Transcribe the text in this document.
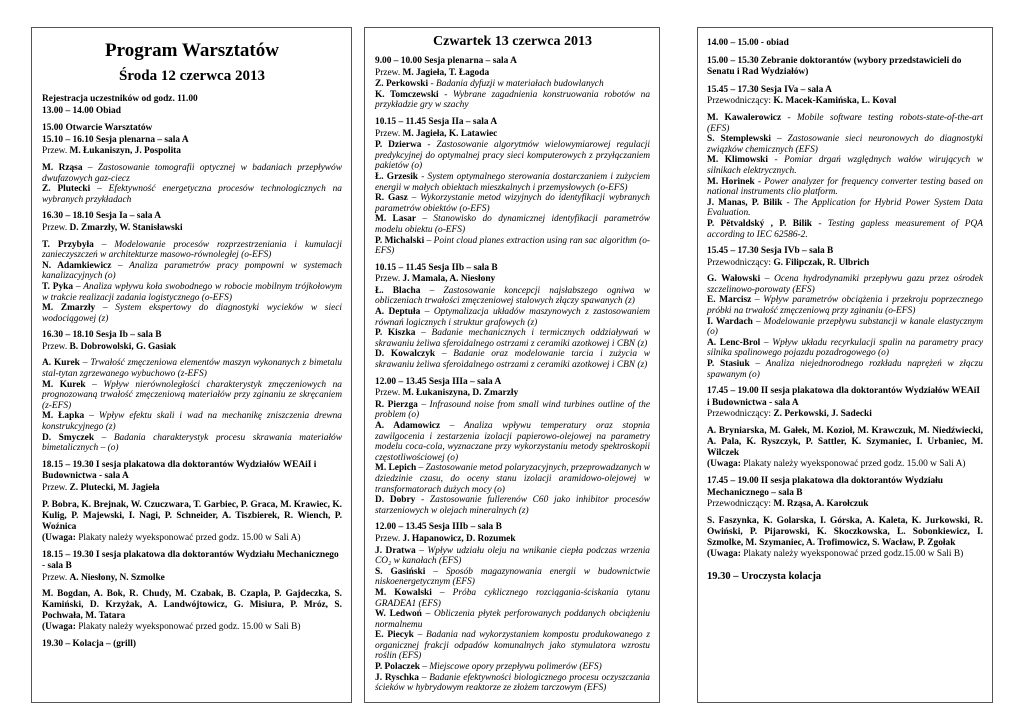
Program Warsztatów
Środa 12 czerwca 2013
Rejestracja uczestników od godz. 11.00
13.00 – 14.00 Obiad
15.00 Otwarcie Warsztatów
15.10 – 16.10 Sesja plenarna – sala A
Przew. M. Łukaniszyn, J. Pospolita
M. Rząsa – Zastosowanie tomografii optycznej w badaniach przepływów dwufazowych gaz-ciecz
Z. Plutecki – Efektywność energetyczna procesów technologicznych na wybranych przykładach
16.30 – 18.10 Sesja Ia – sala A
Przew. D. Zmarzły, W. Stanisławski
T. Przybyła – Modelowanie procesów rozprzestrzeniania i kumulacji zanieczyszczeń w architekturze masowo-równoległej (o-EFS)
N. Adamkiewicz – Analiza parametrów pracy pompowni w systemach kanalizacyjnych (o)
T. Pyka – Analiza wpływu koła swobodnego w robocie mobilnym trójkołowym w trakcie realizacji zadania logistycznego (o-EFS)
M. Zmarzły – System ekspertowy do diagnostyki wycieków w sieci wodociągowej (z)
16.30 – 18.10 Sesja Ib – sala B
Przew. B. Dobrowolski, G. Gasiak
A. Kurek – Trwałość zmęczeniowa elementów maszyn wykonanych z bimetalu stal-tytan zgrzewanego wybuchowo (z-EFS)
M. Kurek – Wpływ nierównoległości charakterystyk zmęczeniowych na prognozowaną trwałość zmęczeniową materiałów przy zginaniu ze skręcaniem (z-EFS)
M. Łapka – Wpływ efektu skali i wad na mechanikę zniszczenia drewna konstrukcyjnego (z)
D. Smyczek – Badania charakterystyk procesu skrawania materiałów bimetalicznych – (o)
18.15 – 19.30 I sesja plakatowa dla doktorantów Wydziałów WEAiI i Budownictwa - sala A
Przew. Z. Plutecki, M. Jagieła
P. Bobra, K. Brejnak, W. Czuczwara, T. Garbiec, P. Graca, M. Krawiec, K. Kulig, P. Majewski, I. Nagi, P. Schneider, A. Tiszbierek, R. Wiench, P. Woźnica
(Uwaga: Plakaty należy wyeksponować przed godz. 15.00 w Sali A)
18.15 – 19.30 I sesja plakatowa dla doktorantów Wydziału Mechanicznego - sala B
Przew. A. Niesłony, N. Szmolke
M. Bogdan, A. Bok, R. Chudy, M. Czabak, B. Czapla, P. Gajdeczka, S. Kamiński, D. Krzyżak, A. Landwójtowicz, G. Misiura, P. Mróz, S. Pochwała, M. Tatara
(Uwaga: Plakaty należy wyeksponować przed godz. 15.00 w Sali B)
19.30 – Kolacja – (grill)
Czwartek 13 czerwca 2013
9.00 – 10.00 Sesja plenarna – sala A
Przew. M. Jagieła, T. Łagoda
Z. Perkowski - Badania dyfuzji w materiałach budowlanych
K. Tomczewski - Wybrane zagadnienia konstruowania robotów na przykładzie gry w szachy
10.15 – 11.45 Sesja IIa – sala A
Przew. M. Jagieła, K. Latawiec
P. Dzierwa - Zastosowanie algorytmów wielowymiarowej regulacji predykcyjnej do optymalnej pracy sieci komputerowych z przyłączaniem pakietów (o)
Ł. Grzesik - System optymalnego sterowania dostarczaniem i zużyciem energii w małych obiektach mieszkalnych i przemysłowych (o-EFS)
R. Gasz – Wykorzystanie metod wizyjnych do identyfikacji wybranych parametrów obiektów (o-EFS)
M. Lasar – Stanowisko do dynamicznej identyfikacji parametrów modelu obiektu (o-EFS)
P. Michalski – Point cloud planes extraction using ran sac algorithm (o-EFS)
10.15 – 11.45 Sesja IIb – sala B
Przew. J. Mamala, A. Niesłony
Ł. Blacha – Zastosowanie koncepcji najsłabszego ogniwa w obliczeniach trwałości zmęczeniowej stalowych złączy spawanych (z)
A. Deptuła – Optymalizacja układów maszynowych z zastosowaniem równań logicznych i struktur grafowych (z)
P. Kiszka – Badanie mechanicznych i termicznych oddziaływań w skrawaniu żeliwa sferoidalnego ostrzami z ceramiki azotkowej i CBN (z)
D. Kowalczyk – Badanie oraz modelowanie tarcia i zużycia w skrawaniu żeliwa sferoidalnego ostrzami z ceramiki azotkowej i CBN (z)
12.00 – 13.45 Sesja IIIa – sala A
Przew. M. Łukaniszyna, D. Zmarzły
R. Pierzga – Infrasound noise from small wind turbines outline of the problem (o)
A. Adamowicz – Analiza wpływu temperatury oraz stopnia zawilgocenia i zestarzenia izolacji papierowo-olejowej na parametry modelu coca-cola, wyznaczane przy wykorzystaniu metody spektroskopii częstotliwościowej (o)
M. Lepich – Zastosowanie metod polaryzacyjnych, przeprowadzanych w dziedzinie czasu, do oceny stanu izolacji aramidowo-olejowej w transformatorach dużych mocy (o)
D. Dobry - Zastosowanie fullerenów C60 jako inhibitor procesów starzeniowych w olejach mineralnych (z)
12.00 – 13.45 Sesja IIIb – sala B
Przew. J. Hapanowicz, D. Rozumek
J. Dratwa – Wpływ udziału oleju na wnikanie ciepła podczas wrzenia CO₂ w kanałach (EFS)
S. Gasiński – Sposób magazynowania energii w budownictwie niskoenergetycznym (EFS)
M. Kowalski – Próba cyklicznego rozciągania-ściskania tytanu GRADEA1 (EFS)
W. Ledwoń – Obliczenia płytek perforowanych poddanych obciążeniu normalnemu
E. Piecyk – Badania nad wykorzystaniem kompostu produkowanego z organicznej frakcji odpadów komunalnych jako stymulatora wzrostu roślin (EFS)
P. Polaczek – Miejscowe opory przepływu polimerów (EFS)
J. Ryschka – Badanie efektywności biologicznego procesu oczyszczania ścieków w hybrydowym reaktorze ze złożem tarczowym (EFS)
14.00 – 15.00 - obiad
15.00 – 15.30 Zebranie doktorantów (wybory przedstawicieli do Senatu i Rad Wydziałów)
15.45 – 17.30 Sesja IVa – sala A
Przewodniczący: K. Macek-Kamińska, L. Koval
M. Kawalerowicz - Mobile software testing robots-state-of-the-art (EFS)
S. Stemplewski – Zastosowanie sieci neuronowych do diagnostyki związków chemicznych (EFS)
M. Klimowski - Pomiar drgań względnych wałów wirujących w silnikach elektrycznych.
M. Horinek - Power analyzer for frequency converter testing based on national instruments clio platform.
J. Manas, P. Bilik - The Application for Hybrid Power System Data Evaluation.
P. Pětvaldský , P. Bilik - Testing gapless measurement of PQA according to IEC 62586-2.
15.45 – 17.30 Sesja IVb – sala B
Przewodniczący: G. Filipczak, R. Ulbrich
G. Wałowski – Ocena hydrodynamiki przepływu gazu przez ośrodek szczelinowo-porowaty (EFS)
E. Marcisz – Wpływ parametrów obciążenia i przekroju poprzecznego próbki na trwałość zmęczeniową przy zginaniu (o-EFS)
I. Wardach – Modelowanie przepływu substancji w kanale elastycznym (o)
A. Lenc-Brol – Wpływ układu recyrkulacji spalin na parametry pracy silnika spalinowego pojazdu pozadrogowego (o)
P. Stasiuk – Analiza niejednorodnego rozkładu naprężeń w złączu spawanym (o)
17.45 – 19.00 II sesja plakatowa dla doktorantów Wydziałów WEAiI i Budownictwa - sala A
Przewodniczący: Z. Perkowski, J. Sadecki
A. Bryniarska, M. Gałek, M. Kozioł, M. Krawczuk, M. Niedźwiecki, A. Pala, K. Ryszczyk, P. Sattler, K. Szymaniec, I. Urbaniec, M. Wilczek
(Uwaga: Plakaty należy wyeksponować przed godz. 15.00 w Sali A)
17.45 – 19.00 II sesja plakatowa dla doktorantów Wydziału Mechanicznego – sala B
Przewodniczący: M. Rząsa, A. Karołczuk
S. Faszynka, K. Golarska, I. Górska, A. Kaleta, K. Jurkowski, R. Owiński, P. Pijarowski, K. Skoczkowska, L. Sobonkiewicz, I. Szmolke, M. Szymaniec, A. Trofimowicz, S. Wacław, P. Zgołak
(Uwaga: Plakaty należy wyeksponować przed godz.15.00 w Sali B)
19.30 – Uroczysta kolacja
